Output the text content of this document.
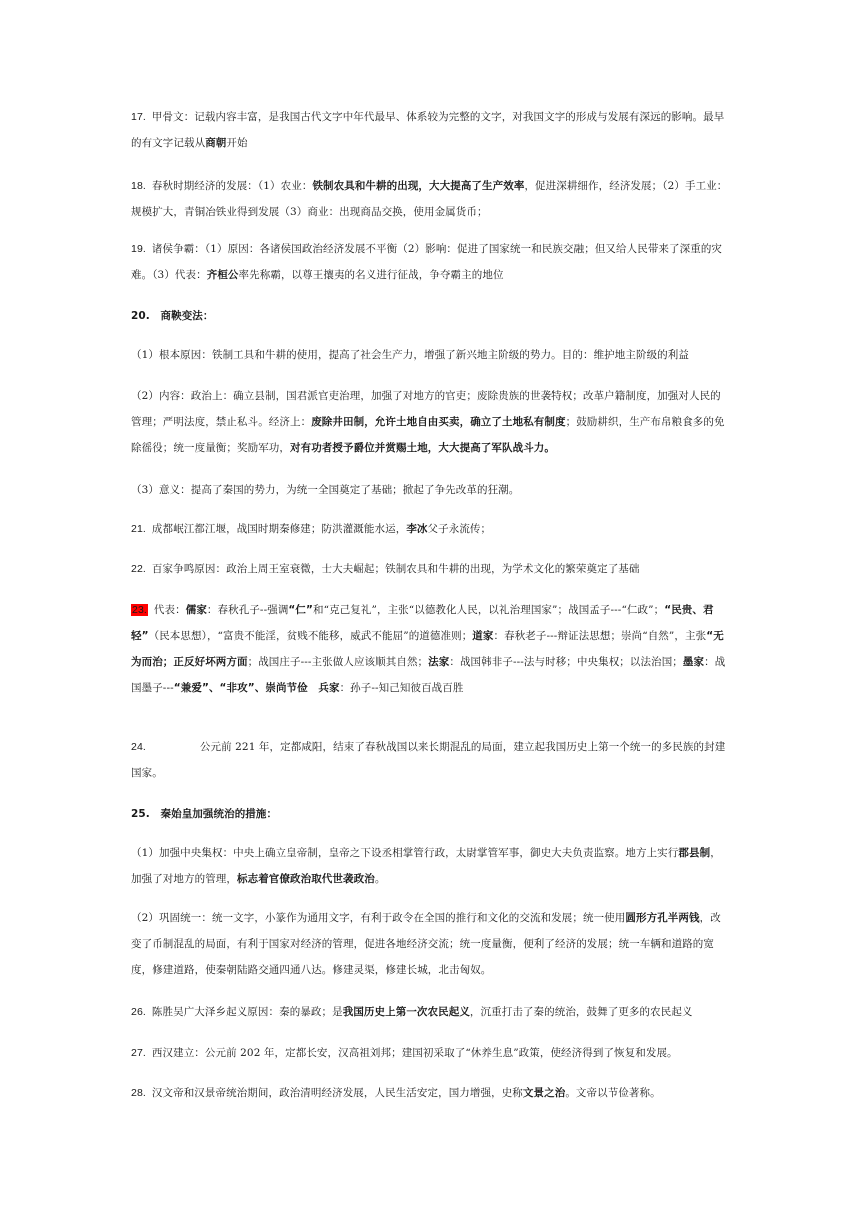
17. 甲骨文：记载内容丰富，是我国古代文字中年代最早、体系较为完整的文字，对我国文字的形成与发展有深远的影响。最早的有文字记载从商朝开始
18. 春秋时期经济的发展：（1）农业：铁制农具和牛耕的出现，大大提高了生产效率，促进深耕细作，经济发展；（2）手工业：规模扩大，青铜冶铁业得到发展（3）商业：出现商品交换，使用金属货币；
19. 诸侯争霸：（1）原因：各诸侯国政治经济发展不平衡（2）影响：促进了国家统一和民族交融；但又给人民带来了深重的灾难。（3）代表：齐桓公率先称霸，以尊王攘夷的名义进行征战，争夺霸主的地位
20.　商鞅变法：
（1）根本原因：铁制工具和牛耕的使用，提高了社会生产力，增强了新兴地主阶级的势力。目的：维护地主阶级的利益
（2）内容：政治上：确立县制，国君派官吏治理，加强了对地方的官吏；废除贵族的世袭特权；改革户籍制度，加强对人民的管理；严明法度，禁止私斗。经济上：废除井田制，允许土地自由买卖，确立了土地私有制度；鼓励耕织，生产布帛粮食多的免除徭役；统一度量衡；奖励军功，对有功者授予爵位并赏赐土地，大大提高了军队战斗力。
（3）意义：提高了秦国的势力，为统一全国奠定了基础；掀起了争先改革的狂潮。
21. 成都岷江都江堰，战国时期秦修建；防洪灌溉能水运，李冰父子永流传；
22. 百家争鸣原因：政治上周王室衰微，士大夫崛起；铁制农具和牛耕的出现，为学术文化的繁荣奠定了基础
23. 代表：儒家：春秋孔子--强调“仁”和“克己复礼”，主张“以德教化人民，以礼治理国家”；战国孟子---“仁政”；“民贵、君轻”（民本思想），“富贵不能淫，贫贱不能移，威武不能屈”的道德准则；道家：春秋老子---辩证法思想；崇尚“自然”，主张“无为而治；正反好坏两方面；战国庄子---主张做人应该顺其自然；法家：战国韩非子---法与时移；中央集权；以法治国；墨家：战国墨子---“兼爱”、“非攻”、崇尚节俭　 兵家：孙子--知己知彼百战百胜
24.	公元前 221 年，定都咸阳，结束了春秋战国以来长期混乱的局面，建立起我国历史上第一个统一的多民族的封建国家。
25.　秦始皇加强统治的措施：
（1）加强中央集权：中央上确立皇帝制，皇帝之下设丞相掌管行政，太尉掌管军事，御史大夫负责监察。地方上实行郡县制，加强了对地方的管理，标志着官僚政治取代世袭政治。
（2）巩固统一：统一文字，小篆作为通用文字，有利于政令在全国的推行和文化的交流和发展；统一使用圆形方孔半两钱，改变了币制混乱的局面，有利于国家对经济的管理，促进各地经济交流；统一度量衡，便利了经济的发展；统一车辆和道路的宽度，修建道路，使秦朝陆路交通四通八达。修建灵渠，修建长城，北击匈奴。
26. 陈胜吴广大泽乡起义原因：秦的暴政；是我国历史上第一次农民起义，沉重打击了秦的统治，鼓舞了更多的农民起义
27. 西汉建立：公元前 202 年，定都长安，汉高祖刘邦；建国初采取了“休养生息”政策，使经济得到了恢复和发展。
28. 汉文帝和汉景帝统治期间，政治清明经济发展，人民生活安定，国力增强，史称文景之治。文帝以节俭著称。
